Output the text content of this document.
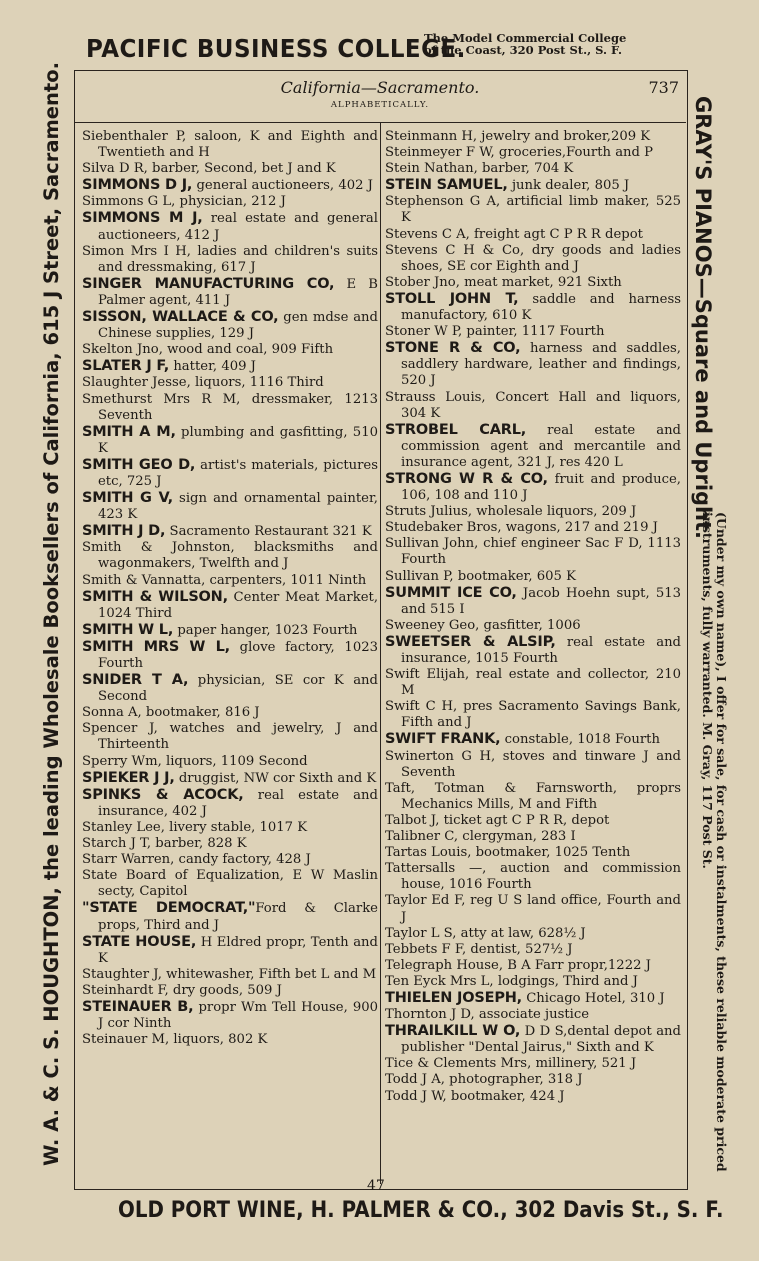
PACIFIC BUSINESS COLLEGE.
The Model Commercial College
of the Coast, 320 Post St., S. F.
W. A. & C. S. HOUGHTON, the leading Wholesale Booksellers of California, 615 J Street, Sacramento.	GRAY'S PIANOS—Square and Upright.
(Under my own name), I offer for sale, for cash or instalments, these reliable moderate priced instruments, fully warranted. M. Gray, 117 Post St.
California—Sacramento.	737
ALPHABETICALLY.
Siebenthaler P, saloon, K and Eighth and Twentieth and H
Silva D R, barber, Second, bet J and K
SIMMONS D J, general auctioneers, 402 J
Simmons G L, physician, 212 J
SIMMONS M J, real estate and general auctioneers, 412 J
Simon Mrs I H, ladies and children's suits and dressmaking, 617 J
SINGER MANUFACTURING CO, E B Palmer agent, 411 J
SISSON, WALLACE & CO, gen mdse and Chinese supplies, 129 J
Skelton Jno, wood and coal, 909 Fifth
SLATER J F, hatter, 409 J
Slaughter Jesse, liquors, 1116 Third
Smethurst Mrs R M, dressmaker, 1213 Seventh
SMITH A M, plumbing and gasfitting, 510 K
SMITH GEO D, artist's materials, pictures etc, 725 J
SMITH G V, sign and ornamental painter, 423 K
SMITH J D, Sacramento Restaurant 321 K
Smith & Johnston, blacksmiths and wagonmakers, Twelfth and J
Smith & Vannatta, carpenters, 1011 Ninth
SMITH & WILSON, Center Meat Market, 1024 Third
SMITH W L, paper hanger, 1023 Fourth
SMITH MRS W L, glove factory, 1023 Fourth
SNIDER T A, physician, SE cor K and Second
Sonna A, bootmaker, 816 J
Spencer J, watches and jewelry, J and Thirteenth
Sperry Wm, liquors, 1109 Second
SPIEKER J J, druggist, NW cor Sixth and K
SPINKS & ACOCK, real estate and insurance, 402 J
Stanley Lee, livery stable, 1017 K
Starch J T, barber, 828 K
Starr Warren, candy factory, 428 J
State Board of Equalization, E W Maslin secty, Capitol
"STATE DEMOCRAT,"Ford & Clarke props, Third and J
STATE HOUSE, H Eldred propr, Tenth and K
Staughter J, whitewasher, Fifth bet L and M
Steinhardt F, dry goods, 509 J
STEINAUER B, propr Wm Tell House, 900 J cor Ninth
Steinauer M, liquors, 802 K
Steinmann H, jewelry and broker,209 K
Steinmeyer F W, groceries,Fourth and P
Stein Nathan, barber, 704 K
STEIN SAMUEL, junk dealer, 805 J
Stephenson G A, artificial limb maker, 525 K
Stevens C A, freight agt C P R R depot
Stevens C H & Co, dry goods and ladies shoes, SE cor Eighth and J
Stober Jno, meat market, 921 Sixth
STOLL JOHN T, saddle and harness manufactory, 610 K
Stoner W P, painter, 1117 Fourth
STONE R & CO, harness and saddles, saddlery hardware, leather and findings, 520 J
Strauss Louis, Concert Hall and liquors, 304 K
STROBEL CARL, real estate and commission agent and mercantile and insurance agent, 321 J, res 420 L
STRONG W R & CO, fruit and produce, 106, 108 and 110 J
Struts Julius, wholesale liquors, 209 J
Studebaker Bros, wagons, 217 and 219 J
Sullivan John, chief engineer Sac F D, 1113 Fourth
Sullivan P, bootmaker, 605 K
SUMMIT ICE CO, Jacob Hoehn supt, 513 and 515 I
Sweeney Geo, gasfitter, 1006
SWEETSER & ALSIP, real estate and insurance, 1015 Fourth
Swift Elijah, real estate and collector, 210 M
Swift C H, pres Sacramento Savings Bank, Fifth and J
SWIFT FRANK, constable, 1018 Fourth
Swinerton G H, stoves and tinware J and Seventh
Taft, Totman & Farnsworth, proprs Mechanics Mills, M and Fifth
Talbot J, ticket agt C P R R, depot
Talibner C, clergyman, 283 I
Tartas Louis, bootmaker, 1025 Tenth
Tattersalls —, auction and commission house, 1016 Fourth
Taylor Ed F, reg U S land office, Fourth and J
Taylor L S, atty at law, 628½ J
Tebbets F F, dentist, 527½ J
Telegraph House, B A Farr propr,1222 J
Ten Eyck Mrs L, lodgings, Third and J
THIELEN JOSEPH, Chicago Hotel, 310 J
Thornton J D, associate justice
THRAILKILL W O, D D S,dental depot and publisher "Dental Jairus," Sixth and K
Tice & Clements Mrs, millinery, 521 J
Todd J A, photographer, 318 J
Todd J W, bootmaker, 424 J
47
OLD PORT WINE, H. PALMER & CO., 302 Davis St., S. F.
